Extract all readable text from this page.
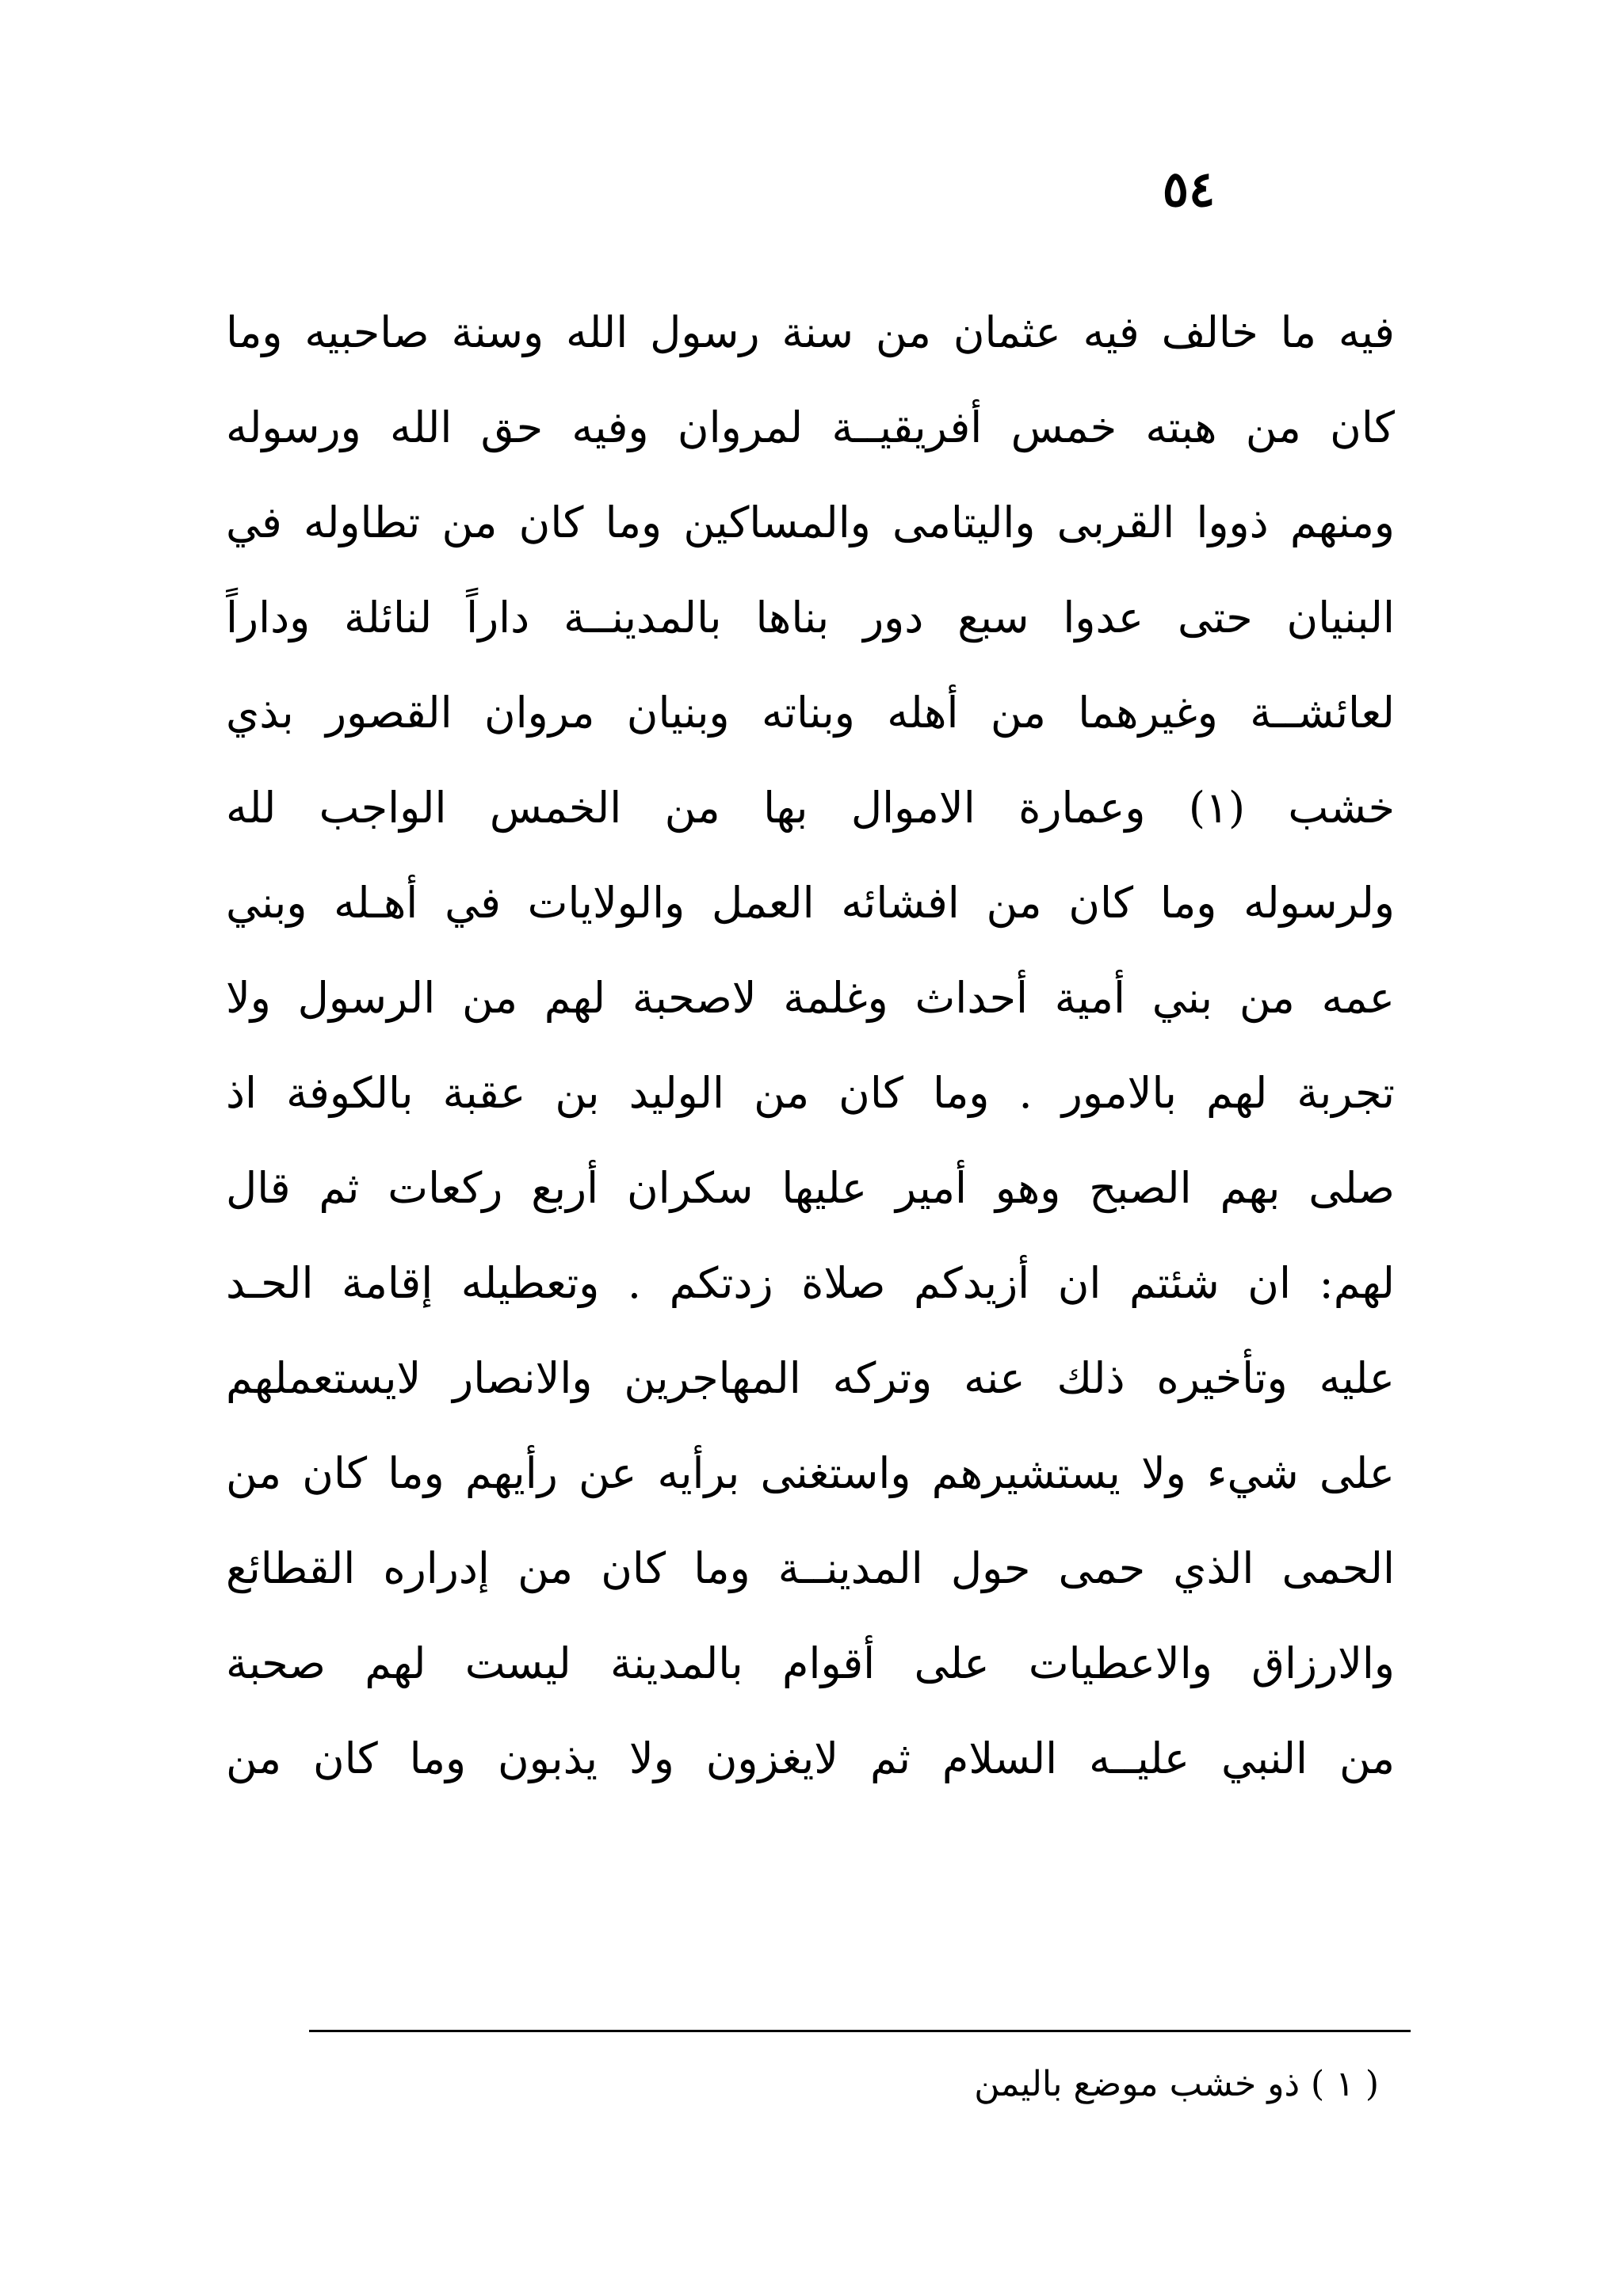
٥٤
فيه ما خالف فيه عثمان من سنة رسول الله وسنة صاحبيه وما
كان من هبته خمس أفريقيــة لمروان وفيه حق الله ورسوله
ومنهم ذووا القربى واليتامى والمساكين وما كان من تطاوله في
البنيان حتى عدوا سبع دور بناها بالمدينــة داراً لنائلة وداراً
لعائشــة وغيرهما من أهله وبناته وبنيان مروان القصور بذي
خشب (١) وعمارة الاموال بها من الخمس الواجب لله
ولرسوله وما كان من افشائه العمل والولايات في أهـله وبني
عمه من بني أمية أحداث وغلمة لاصحبة لهم من الرسول ولا
تجربة لهم بالامور . وما كان من الوليد بن عقبة بالكوفة اذ
صلى بهم الصبح وهو أمير عليها سكران أربع ركعات ثم قال
لهم: ان شئتم ان أزيدكم صلاة زدتكم . وتعطيله إقامة الحـد
عليه وتأخيره ذلك عنه وتركه المهاجرين والانصار لايستعملهم
على شيء ولا يستشيرهم واستغنى برأيه عن رأيهم وما كان من
الحمى الذي حمى حول المدينــة وما كان من إدراره القطائع
والارزاق والاعطيات على أقوام بالمدينة ليست لهم صحبة
من النبي عليــه السلام ثم لايغزون ولا يذبون وما كان من
( ١ ) ذو خشب موضع باليمن
